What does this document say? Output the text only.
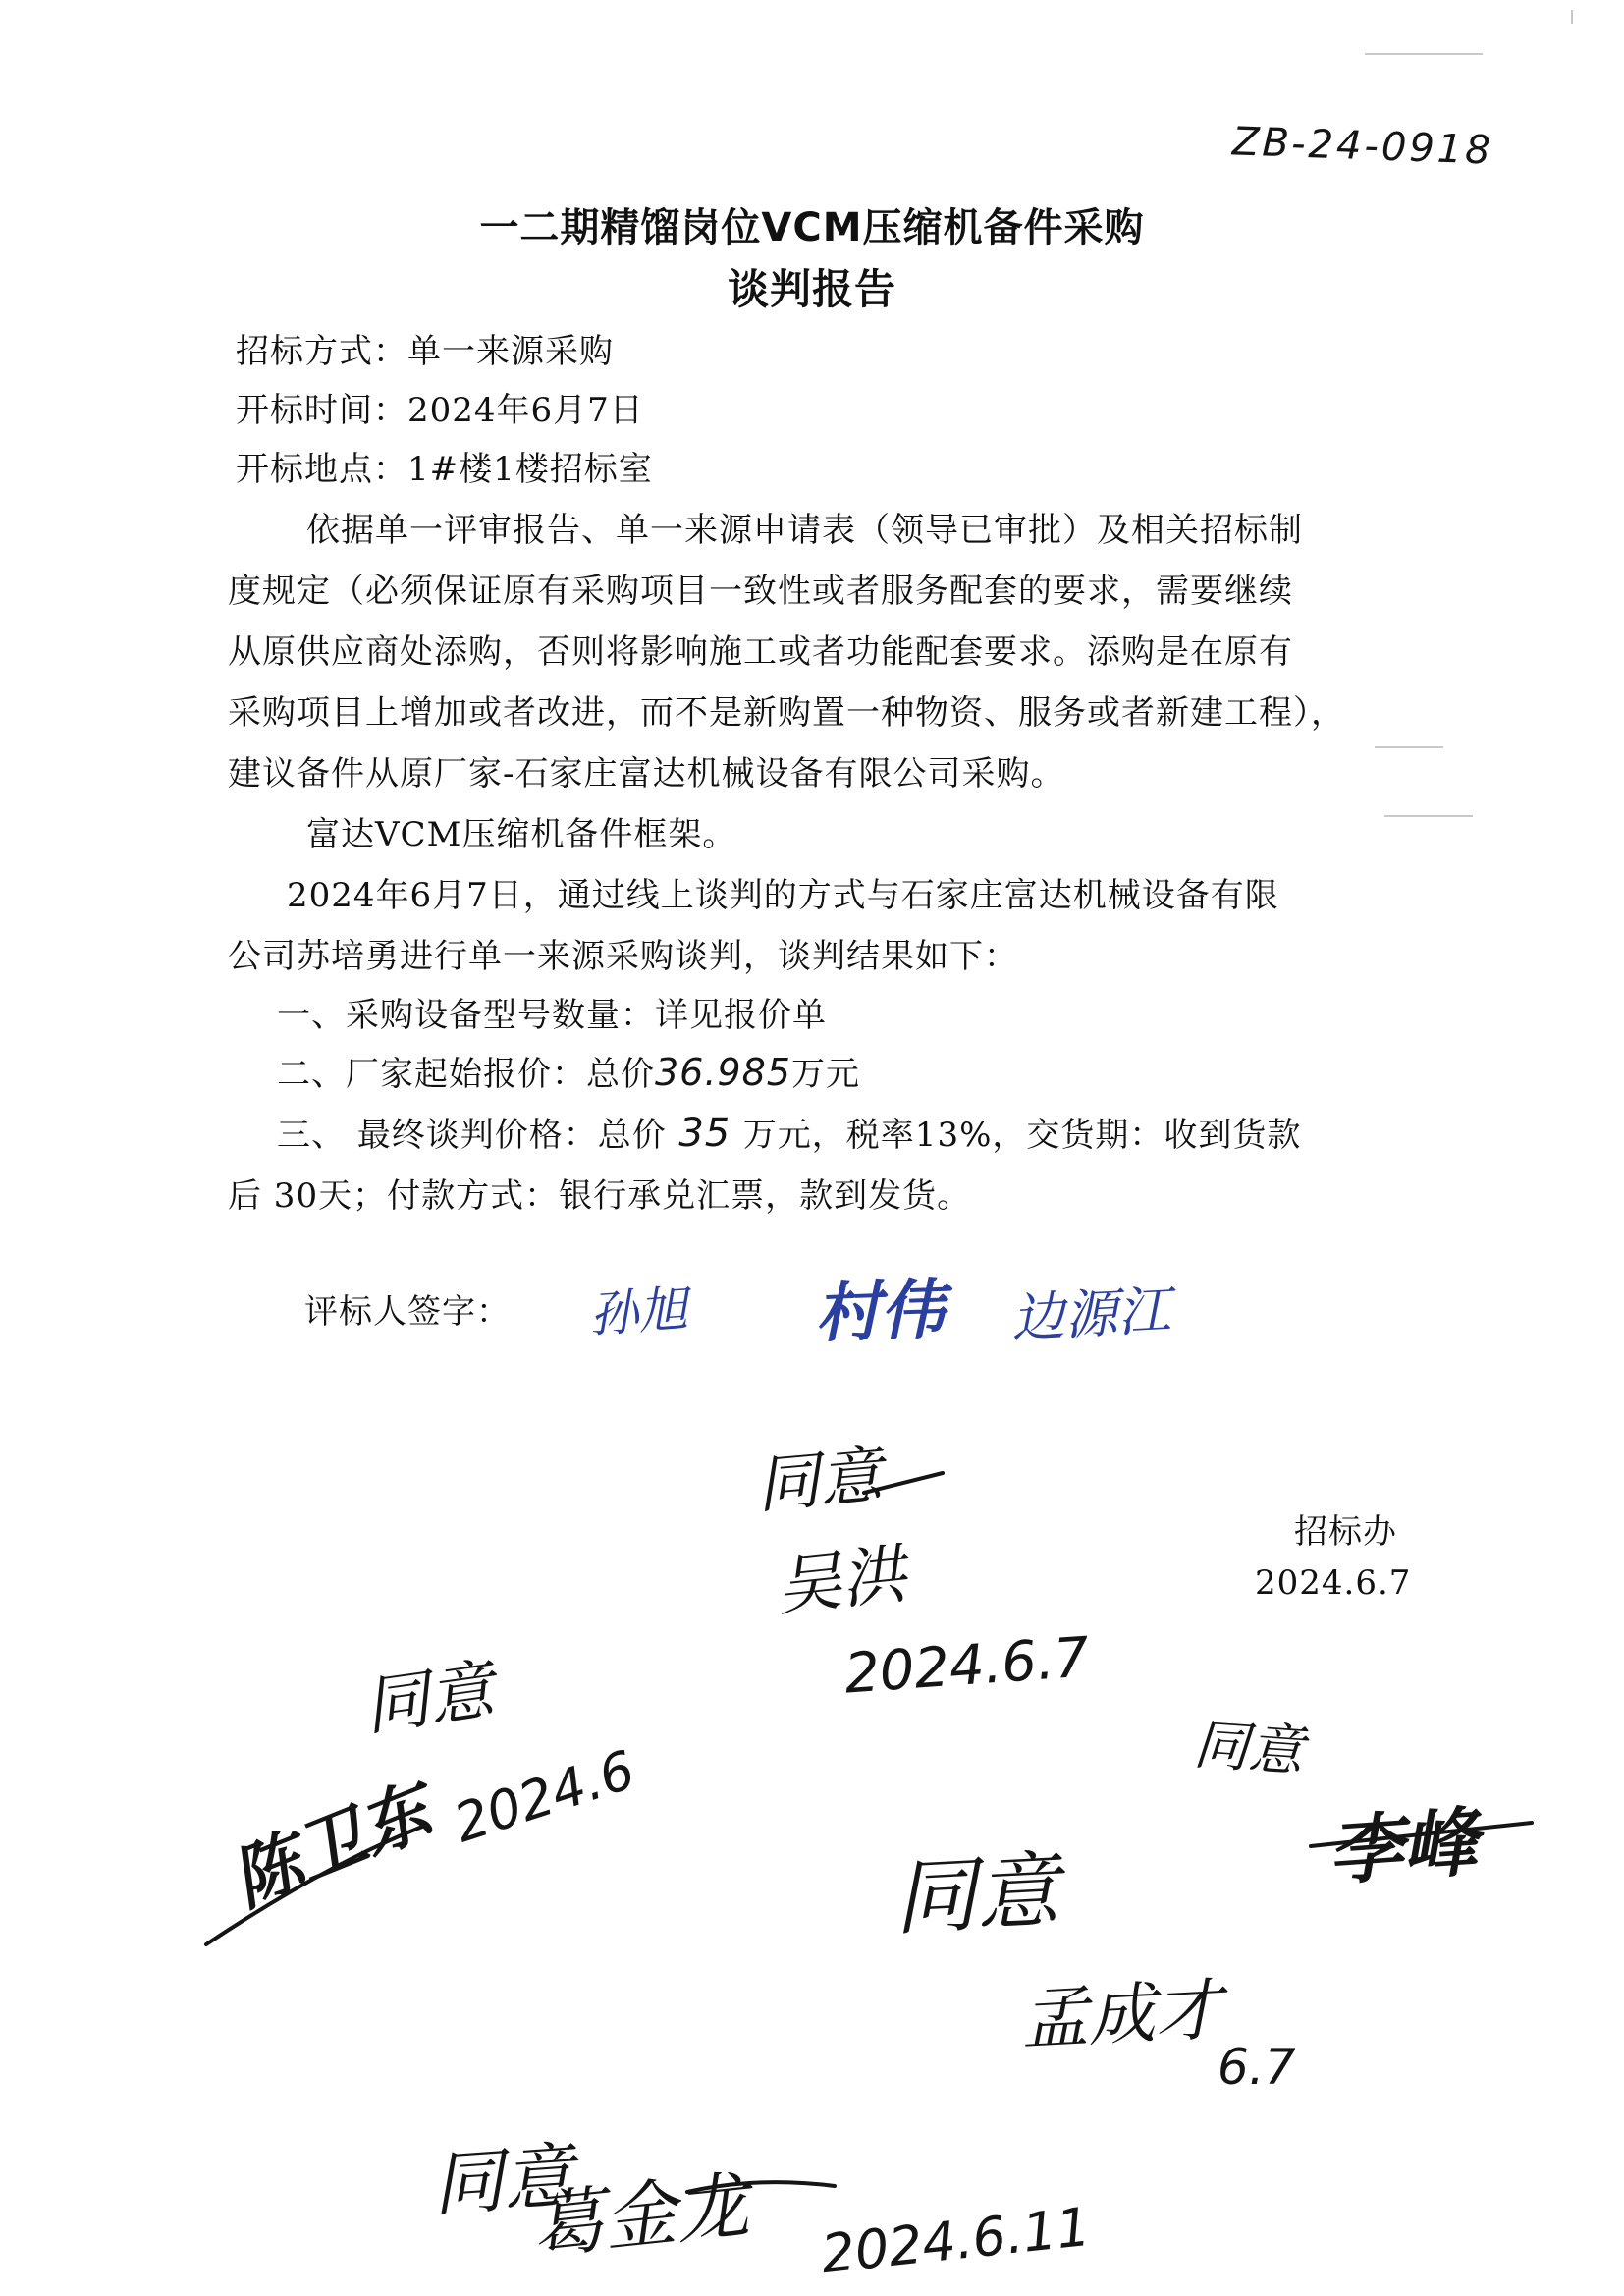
ZB-24-0918
一二期精馏岗位VCM压缩机备件采购
谈判报告
招标方式：单一来源采购
开标时间：2024年6月7日
开标地点：1#楼1楼招标室
依据单一评审报告、单一来源申请表（领导已审批）及相关招标制
度规定（必须保证原有采购项目一致性或者服务配套的要求，需要继续
从原供应商处添购，否则将影响施工或者功能配套要求。添购是在原有
采购项目上增加或者改进，而不是新购置一种物资、服务或者新建工程），
建议备件从原厂家-石家庄富达机械设备有限公司采购。
富达VCM压缩机备件框架。
2024年6月7日，通过线上谈判的方式与石家庄富达机械设备有限
公司苏培勇进行单一来源采购谈判，谈判结果如下：
一、采购设备型号数量：详见报价单
二、厂家起始报价：总价36.985万元
三、 最终谈判价格：总价 35 万元，税率13%，交货期：收到货款
后 30天；付款方式：银行承兑汇票，款到发货。
评标人签字： 孙旭 村伟 边源江
招标办
2024.6.7
同意
吴洪
2024.6.7
同意
陈卫东 2024.6	同意
李峰
同意
孟成才
6.7
同意
葛金龙 2024.6.11
